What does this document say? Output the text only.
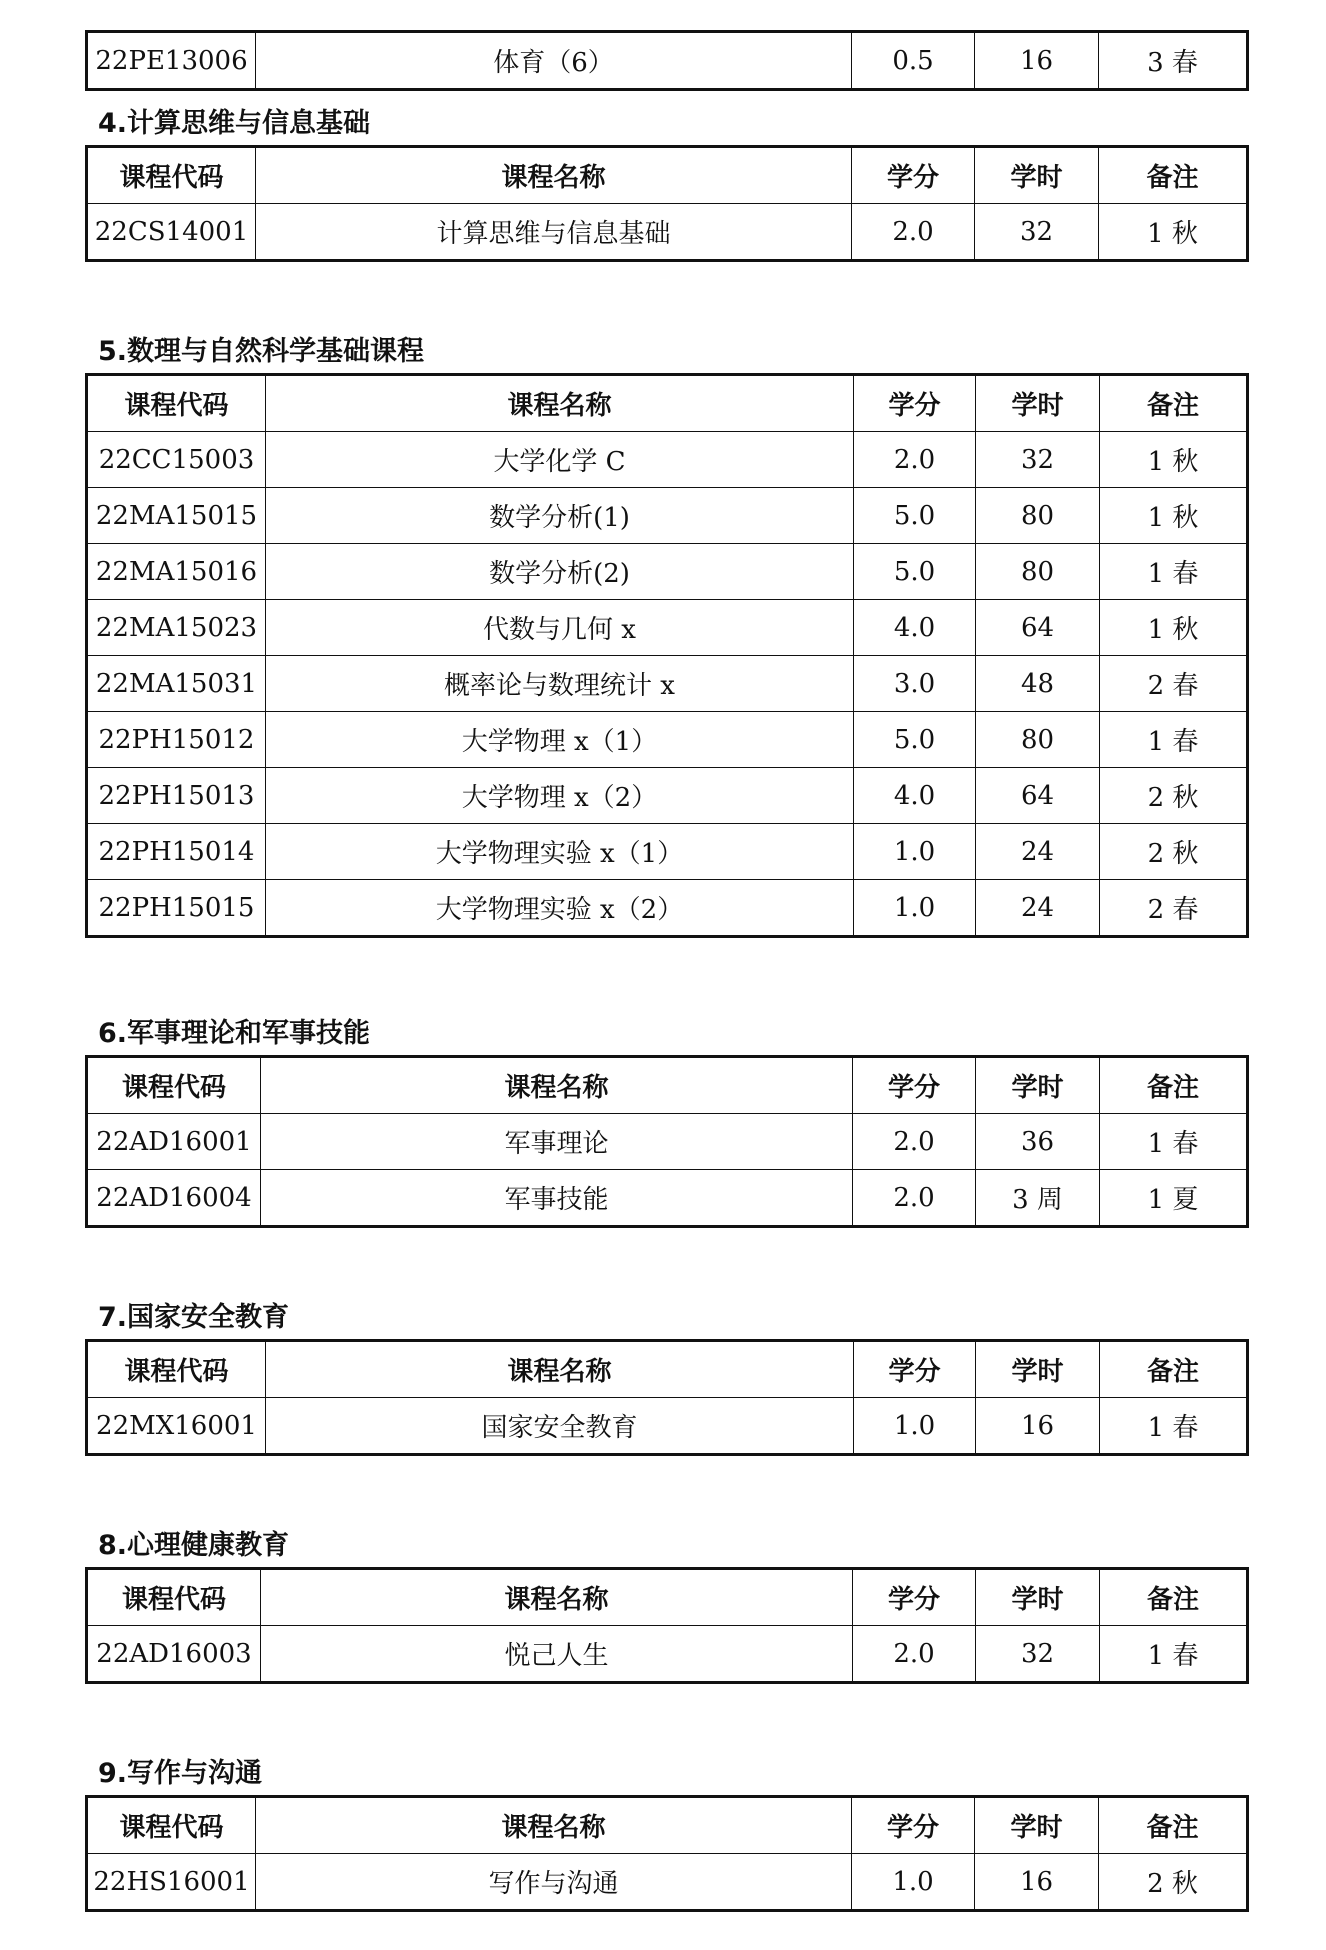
22PE13006	体育（6）	0.5	16	3 春
4.计算思维与信息基础
课程代码	课程名称	学分	学时	备注
22CS14001	计算思维与信息基础	2.0	32	1 秋
5.数理与自然科学基础课程
课程代码	课程名称	学分	学时	备注
22CC15003	大学化学 C	2.0	32	1 秋
22MA15015	数学分析(1)	5.0	80	1 秋
22MA15016	数学分析(2)	5.0	80	1 春
22MA15023	代数与几何 x	4.0	64	1 秋
22MA15031	概率论与数理统计 x	3.0	48	2 春
22PH15012	大学物理 x（1）	5.0	80	1 春
22PH15013	大学物理 x（2）	4.0	64	2 秋
22PH15014	大学物理实验 x（1）	1.0	24	2 秋
22PH15015	大学物理实验 x（2）	1.0	24	2 春
6.军事理论和军事技能
课程代码	课程名称	学分	学时	备注
22AD16001	军事理论	2.0	36	1 春
22AD16004	军事技能	2.0	3 周	1 夏
7.国家安全教育
课程代码	课程名称	学分	学时	备注
22MX16001	国家安全教育	1.0	16	1 春
8.心理健康教育
课程代码	课程名称	学分	学时	备注
22AD16003	悦己人生	2.0	32	1 春
9.写作与沟通
课程代码	课程名称	学分	学时	备注
22HS16001	写作与沟通	1.0	16	2 秋
